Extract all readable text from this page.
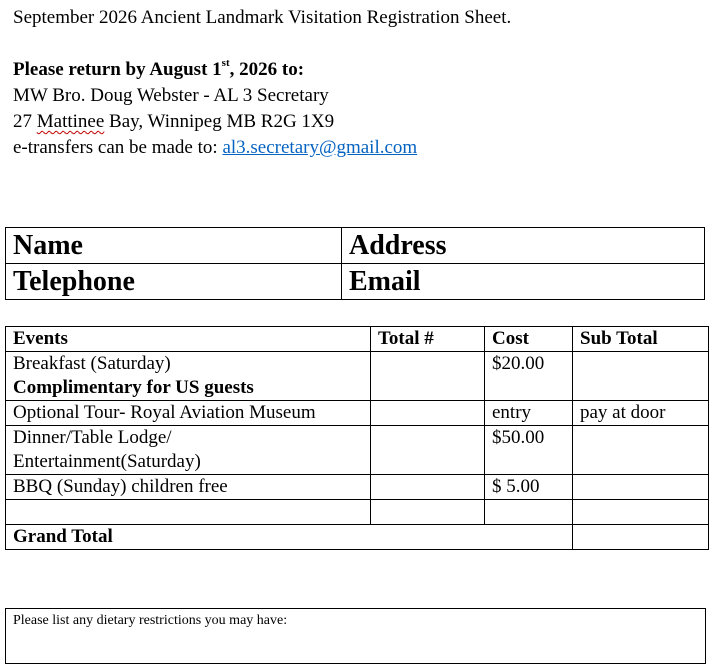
September 2026 Ancient Landmark Visitation Registration Sheet.
Please return by August 1st, 2026 to:
MW Bro. Doug Webster - AL 3 Secretary
27 Mattinee Bay, Winnipeg MB R2G 1X9
e-transfers can be made to: al3.secretary@gmail.com
Name	Address
Telephone	Email
Events	Total #	Cost	Sub Total

Breakfast (Saturday)
Complimentary for US guests		$20.00	
Optional Tour- Royal Aviation Museum		entry	pay at door

Dinner/Table Lodge/
Entertainment(Saturday)		$50.00	
BBQ (Sunday) children free		$ 5.00	

Grand Total			
Please list any dietary restrictions you may have:
